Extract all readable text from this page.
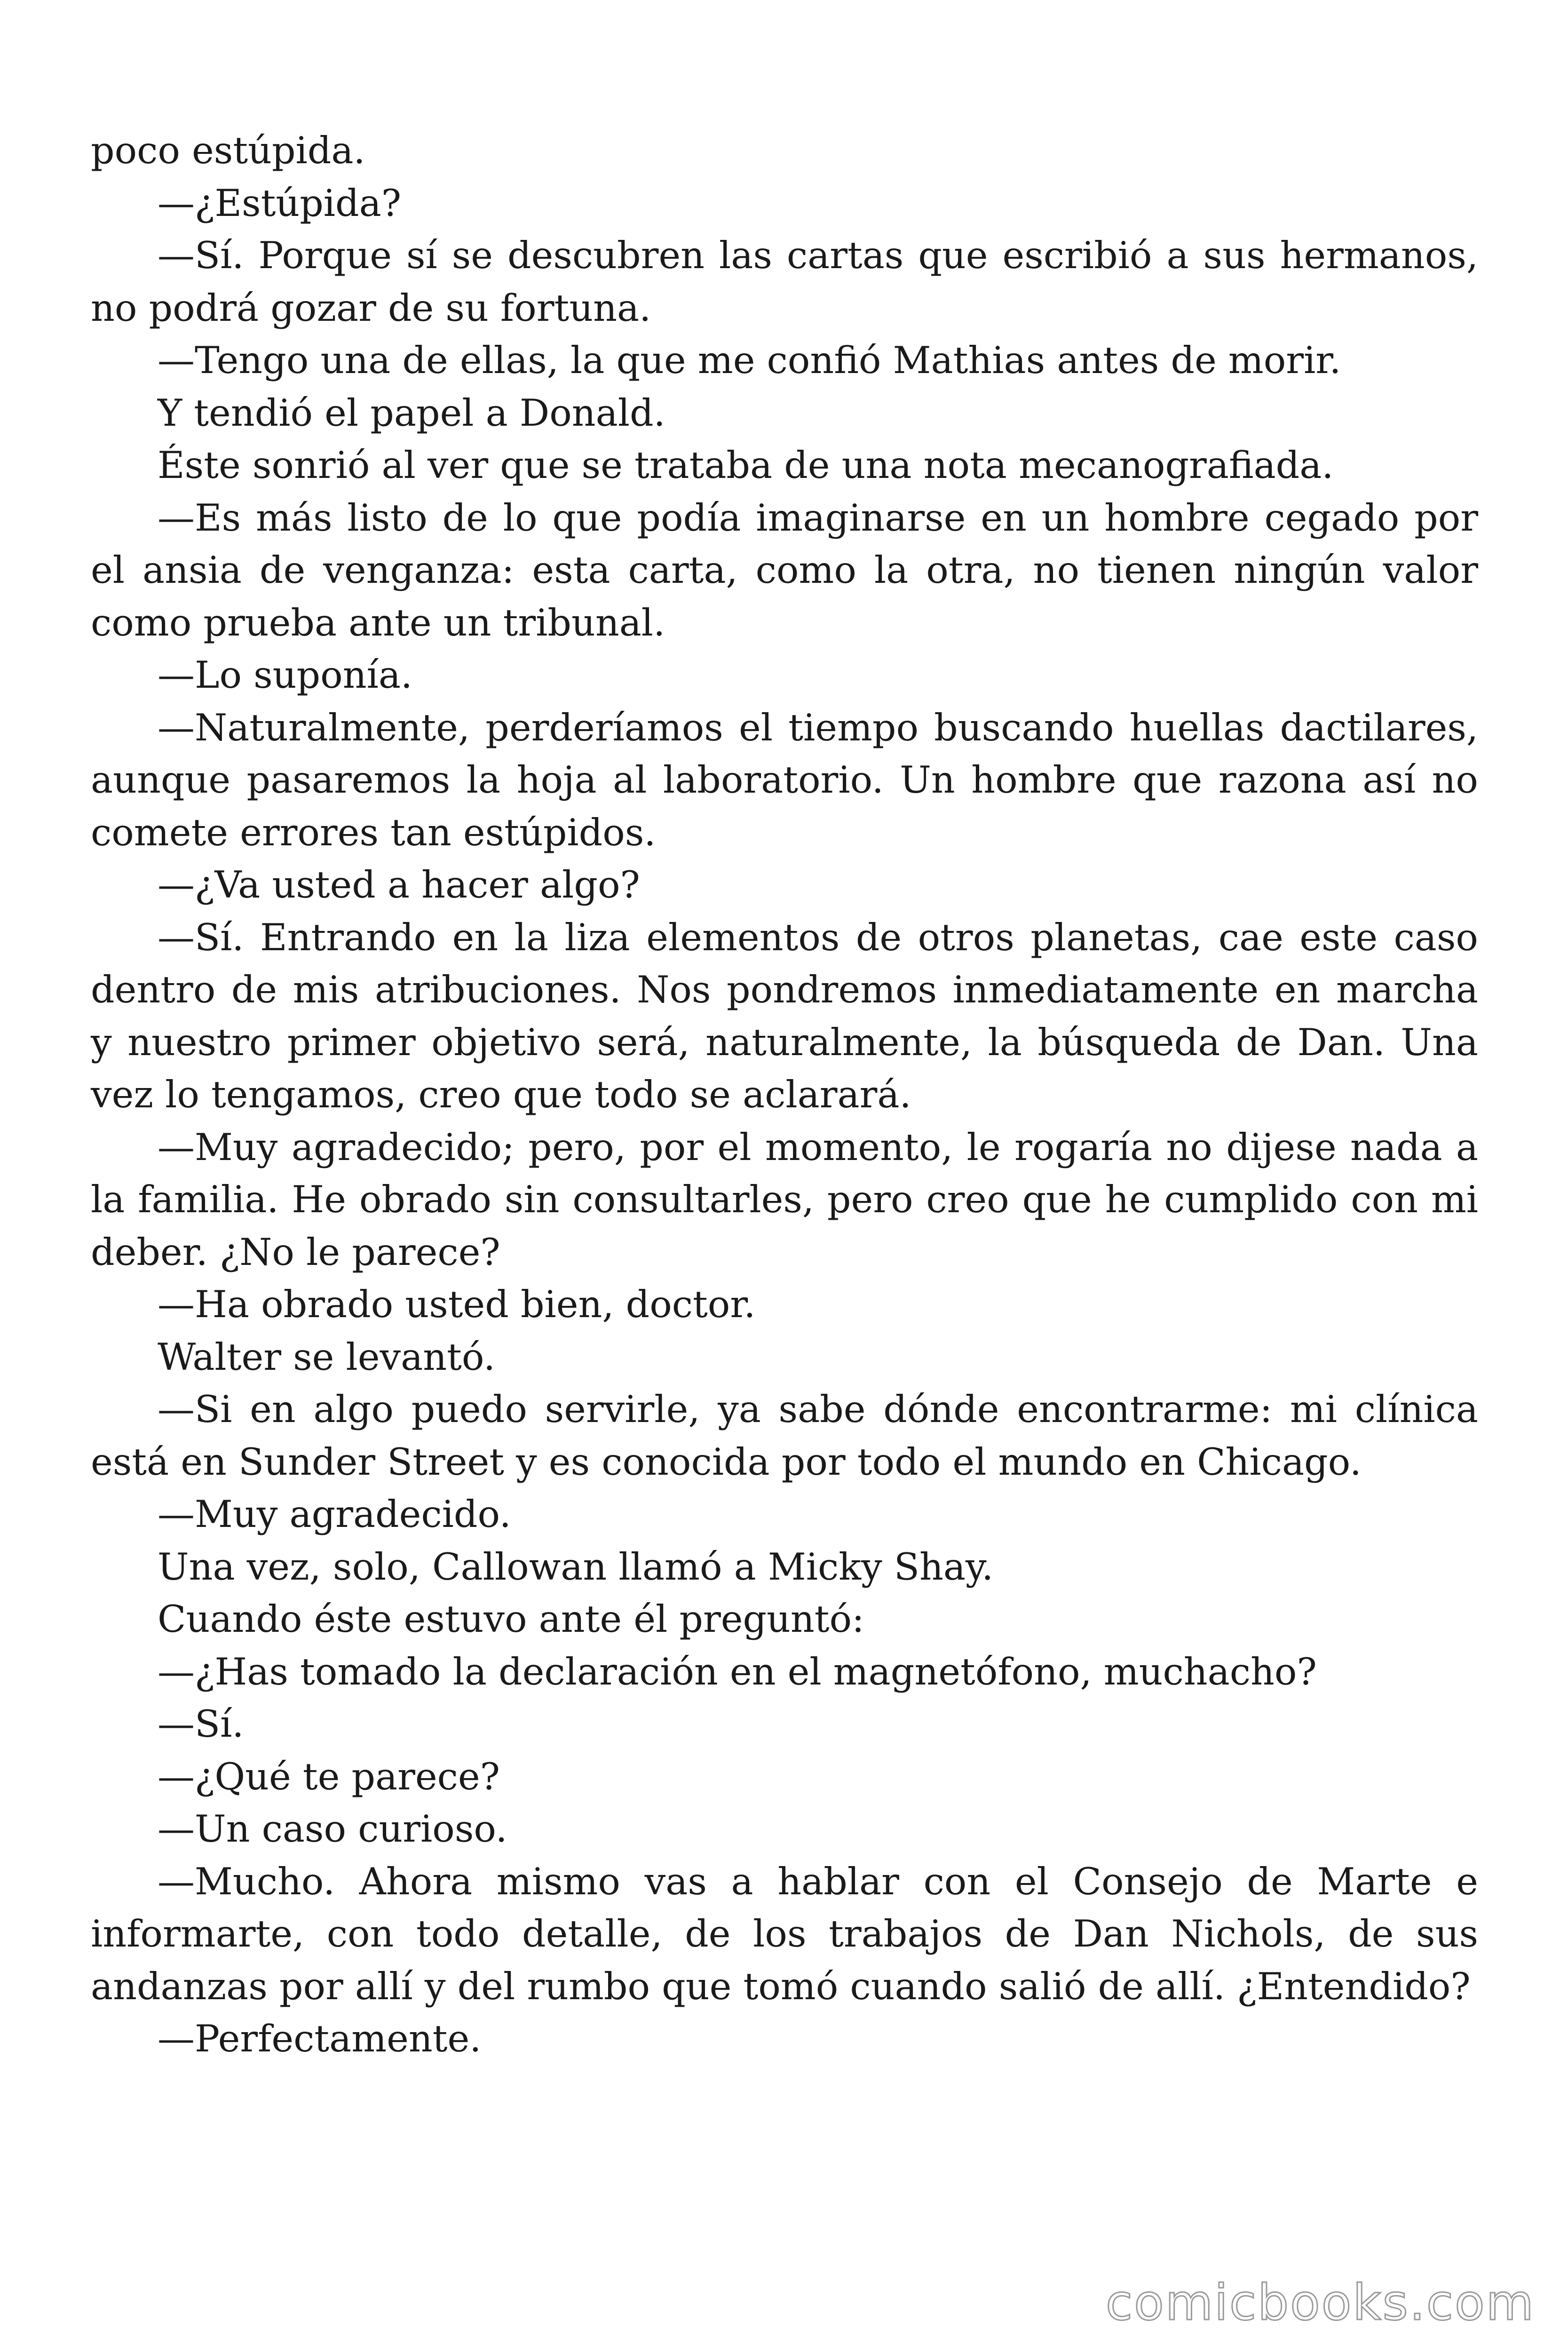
poco estúpida.

—¿Estúpida?

—Sí. Porque sí se descubren las cartas que escribió a sus hermanos, no podrá gozar de su fortuna.

—Tengo una de ellas, la que me confió Mathias antes de morir.

Y tendió el papel a Donald.

Éste sonrió al ver que se trataba de una nota mecanografiada.

—Es más listo de lo que podía imaginarse en un hombre cegado por el ansia de venganza: esta carta, como la otra, no tienen ningún valor como prueba ante un tribunal.

—Lo suponía.

—Naturalmente, perderíamos el tiempo buscando huellas dactilares, aunque pasaremos la hoja al laboratorio. Un hombre que razona así no comete errores tan estúpidos.

—¿Va usted a hacer algo?

—Sí. Entrando en la liza elementos de otros planetas, cae este caso dentro de mis atribuciones. Nos pondremos inmediatamente en marcha y nuestro primer objetivo será, naturalmente, la búsqueda de Dan. Una vez lo tengamos, creo que todo se aclarará.

—Muy agradecido; pero, por el momento, le rogaría no dijese nada a la familia. He obrado sin consultarles, pero creo que he cumplido con mi deber. ¿No le parece?

—Ha obrado usted bien, doctor.

Walter se levantó.

—Si en algo puedo servirle, ya sabe dónde encontrarme: mi clínica está en Sunder Street y es conocida por todo el mundo en Chicago.

—Muy agradecido.

Una vez, solo, Callowan llamó a Micky Shay.

Cuando éste estuvo ante él preguntó:

—¿Has tomado la declaración en el magnetófono, muchacho?

—Sí.

—¿Qué te parece?

—Un caso curioso.

—Mucho. Ahora mismo vas a hablar con el Consejo de Marte e informarte, con todo detalle, de los trabajos de Dan Nichols, de sus andanzas por allí y del rumbo que tomó cuando salió de allí. ¿Entendido?

—Perfectamente.

comicbooks.com
